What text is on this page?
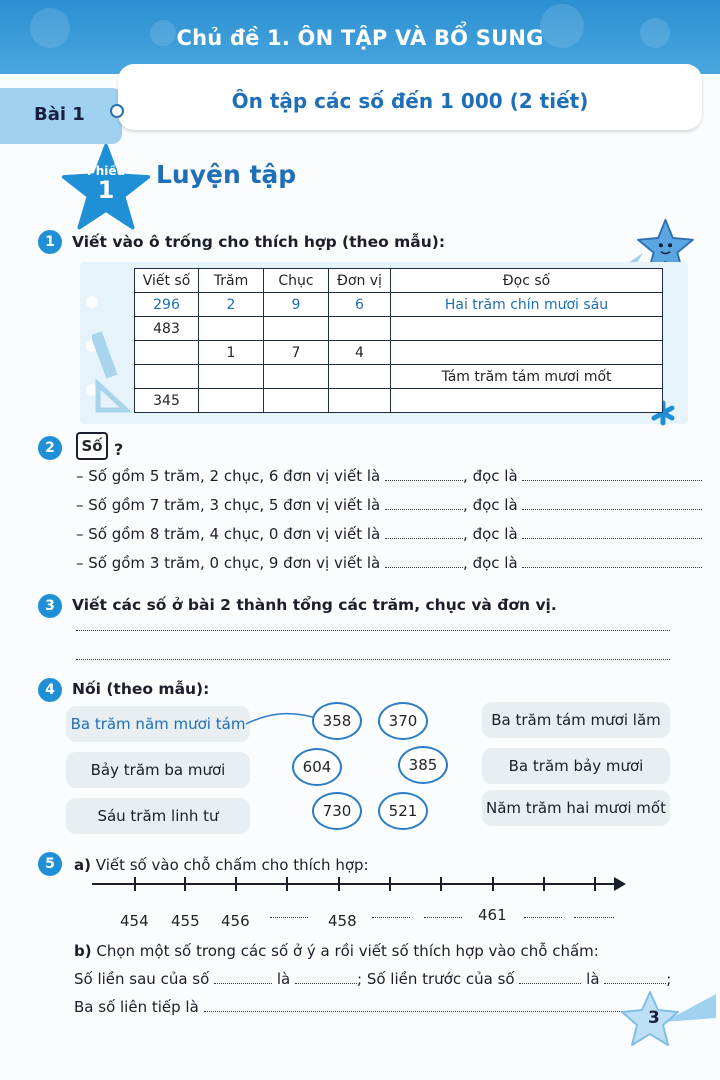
Chủ đề 1. ÔN TẬP VÀ BỔ SUNG
Bài 1
Ôn tập các số đến 1 000 (2 tiết)
Phiếu
1
Luyện tập
1	Viết vào ô trống cho thích hợp (theo mẫu):
Viết số	Trăm	Chục	Đơn vị	Đọc số
296	2	9	6	Hai trăm chín mươi sáu
483				
	1	7	4	
				Tám trăm tám mươi mốt
345				
2	Số ?
– Số gồm 5 trăm, 2 chục, 6 đơn vị viết là	, đọc là
– Số gồm 7 trăm, 3 chục, 5 đơn vị viết là	, đọc là
– Số gồm 8 trăm, 4 chục, 0 đơn vị viết là	, đọc là
– Số gồm 3 trăm, 0 chục, 9 đơn vị viết là	, đọc là
3	Viết các số ở bài 2 thành tổng các trăm, chục và đơn vị.
4	Nối (theo mẫu):
Ba trăm năm mươi tám
Bảy trăm ba mươi
Sáu trăm linh tư
358	370
604	385
730	521
Ba trăm tám mươi lăm
Ba trăm bảy mươi
Năm trăm hai mươi mốt
5	a) Viết số vào chỗ chấm cho thích hợp:
454 455 456	458	461
b) Chọn một số trong các số ở ý a rồi viết số thích hợp vào chỗ chấm:
Số liền sau của số	là	; Số liền trước của số	là	;
Ba số liên tiếp là
3
